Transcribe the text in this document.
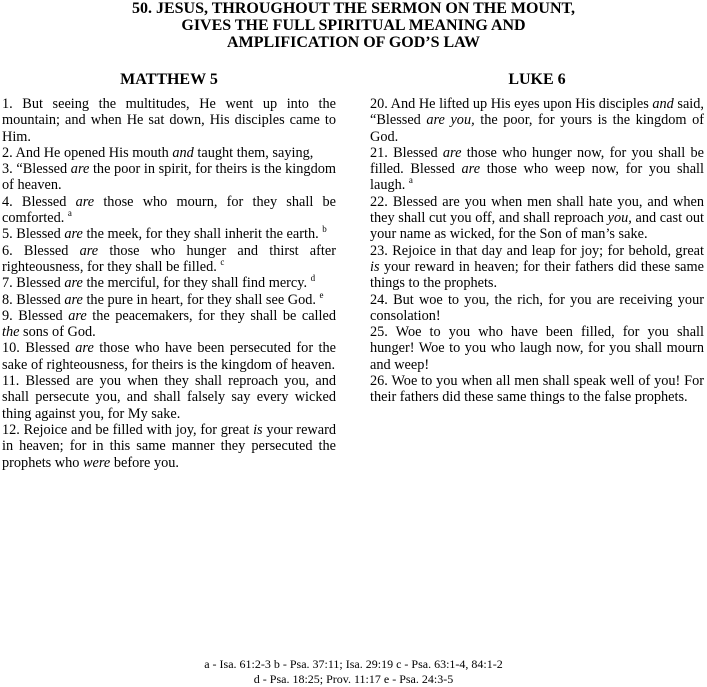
50. JESUS, THROUGHOUT THE SERMON ON THE MOUNT,
GIVES THE FULL SPIRITUAL MEANING AND
AMPLIFICATION OF GOD’S LAW
MATTHEW 5
1. But seeing the multitudes, He went up into the mountain; and when He sat down, His disciples came to Him.
2. And He opened His mouth and taught them, saying,
3. “Blessed are the poor in spirit, for theirs is the kingdom of heaven.
4. Blessed are those who mourn, for they shall be comforted. $^a$
5. Blessed are the meek, for they shall inherit the earth. $^b$
6. Blessed are those who hunger and thirst after righteousness, for they shall be filled. $^c$
7. Blessed are the merciful, for they shall find mercy. $^d$
8. Blessed are the pure in heart, for they shall see God. $^e$
9. Blessed are the peacemakers, for they shall be called the sons of God.
10. Blessed are those who have been persecuted for the sake of righteousness, for theirs is the kingdom of heaven.
11. Blessed are you when they shall reproach you, and shall persecute you, and shall falsely say every wicked thing against you, for My sake.
12. Rejoice and be filled with joy, for great is your reward in heaven; for in this same manner they persecuted the prophets who were before you.
LUKE 6
20. And He lifted up His eyes upon His disciples and said, “Blessed are you, the poor, for yours is the kingdom of God.
21. Blessed are those who hunger now, for you shall be filled. Blessed are those who weep now, for you shall laugh. $^a$
22. Blessed are you when men shall hate you, and when they shall cut you off, and shall reproach you, and cast out your name as wicked, for the Son of man’s sake.
23. Rejoice in that day and leap for joy; for behold, great is your reward in heaven; for their fathers did these same things to the prophets.
24. But woe to you, the rich, for you are receiving your consolation!
25. Woe to you who have been filled, for you shall hunger! Woe to you who laugh now, for you shall mourn and weep!
26. Woe to you when all men shall speak well of you! For their fathers did these same things to the false prophets.
a - Isa. 61:2-3 b - Psa. 37:11; Isa. 29:19 c - Psa. 63:1-4, 84:1-2
d - Psa. 18:25; Prov. 11:17 e - Psa. 24:3-5
